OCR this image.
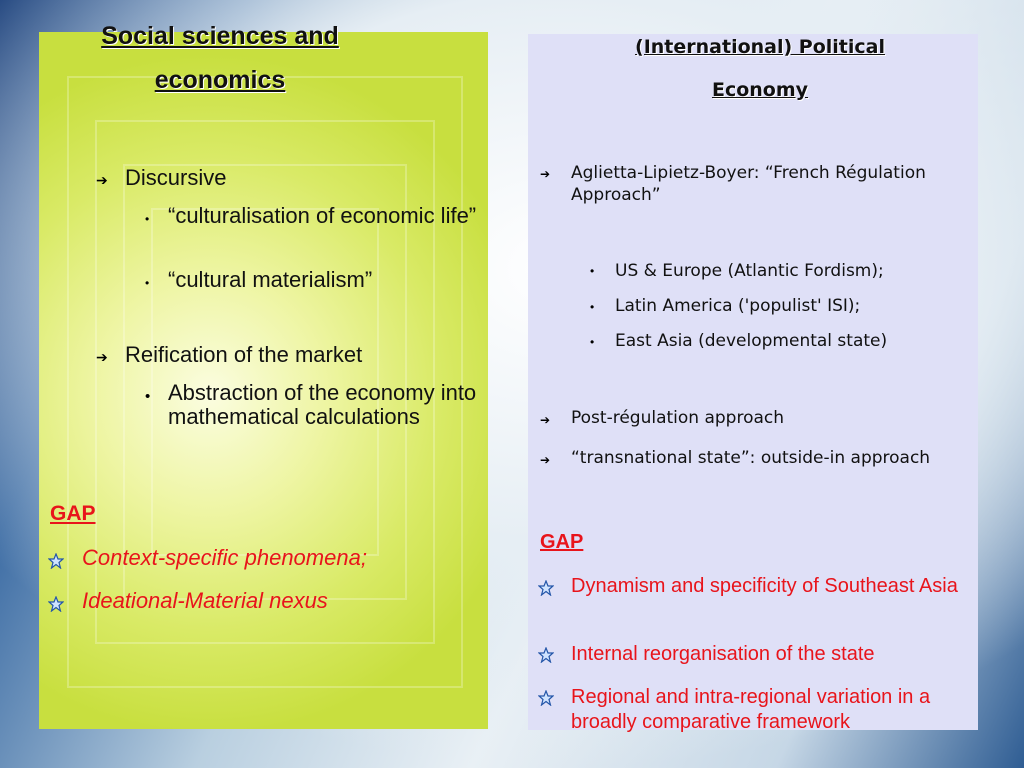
Social sciences and
economics
➔ Discursive
• “culturalisation of economic life”
• “cultural materialism”
➔ Reification of the market
• Abstraction of the economy into mathematical calculations
GAP
Context-specific phenomena;
Ideational-Material nexus
(International) Political
Economy
➔ Aglietta-Lipietz-Boyer: “French Régulation Approach”
• US & Europe (Atlantic Fordism);
• Latin America ('populist' ISI);
• East Asia (developmental state)
➔ Post-régulation approach
➔ “transnational state”: outside-in approach
GAP
Dynamism and specificity of Southeast Asia
Internal reorganisation of the state
Regional and intra-regional variation in a broadly comparative framework
